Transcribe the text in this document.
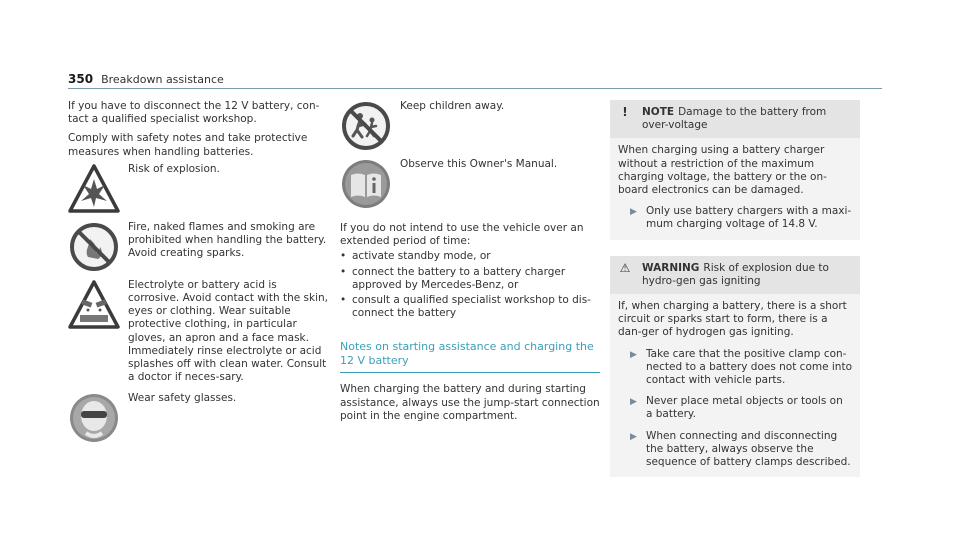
350 Breakdown assistance

If you have to disconnect the 12 V battery, con-tact a qualified specialist workshop.

Comply with safety notes and take protective measures when handling batteries.

Risk of explosion.
Fire, naked flames and smoking are prohibited when handling the battery. Avoid creating sparks.
Electrolyte or battery acid is corrosive. Avoid contact with the skin, eyes or clothing. Wear suitable protective clothing, in particular gloves, an apron and a face mask. Immediately rinse electrolyte or acid splashes off with clean water. Consult a doctor if neces-sary.
Wear safety glasses.
Keep children away.
Observe this Owner's Manual.

If you do not intend to use the vehicle over an extended period of time:

• activate standby mode, or
• connect the battery to a battery charger approved by Mercedes-Benz, or
• consult a qualified specialist workshop to dis-connect the battery
Notes on starting assistance and charging the 12 V battery

When charging the battery and during starting assistance, always use the jump-start connection point in the engine compartment.

!	NOTE Damage to the battery from over-voltage

When charging using a battery charger without a restriction of the maximum charging voltage, the battery or the on-board electronics can be damaged.

▶ Only use battery chargers with a maxi-mum charging voltage of 14.8 V.
⚠ WARNING Risk of explosion due to hydro-gen gas igniting

If, when charging a battery, there is a short circuit or sparks start to form, there is a dan-ger of hydrogen gas igniting.

▶ Take care that the positive clamp con-nected to a battery does not come into contact with vehicle parts.
▶ Never place metal objects or tools on a battery.
▶ When connecting and disconnecting the battery, always observe the sequence of battery clamps described.
